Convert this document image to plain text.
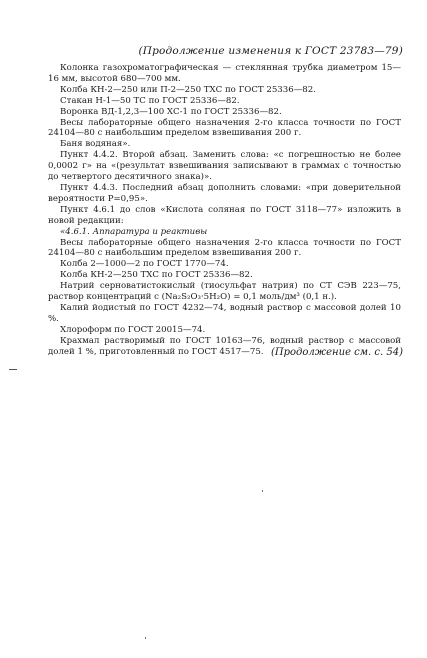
(Продолжение изменения к ГОСТ 23783—79)

Колонка газохроматографическая — стеклянная трубка диаметром 15—16 мм, высотой 680—700 мм.

Колба КН-2—250 или П-2—250 ТХС по ГОСТ 25336—82.

Стакан Н-1—50 ТС по ГОСТ 25336—82.

Воронка ВД-1,2,3—100 ХС-1 по ГОСТ 25336—82.

Весы лабораторные общего назначения 2-го класса точности по ГОСТ 24104—80 с наибольшим пределом взвешивания 200 г.

Баня водяная».

Пункт 4.4.2. Второй абзац. Заменить слова: «с погрешностью не более 0,0002 г» на «(результат взвешивания записывают в граммах с точностью до четвертого десятичного знака)».

Пункт 4.4.3. Последний абзац дополнить словами: «при доверительной вероятности P=0,95».

Пункт 4.6.1 до слов «Кислота соляная по ГОСТ 3118—77» изложить в новой редакции:

«4.6.1. Аппаратура и реактивы

Весы лабораторные общего назначения 2-го класса точности по ГОСТ 24104—80 с наибольшим пределом взвешивания 200 г.

Колба 2—1000—2 по ГОСТ 1770—74.

Колба КН-2—250 ТХС по ГОСТ 25336—82.

Натрий серноватистокислый (тиосульфат натрия) по СТ СЭВ 223—75, раствор концентраций c (Na₂S₂O₃·5H₂O) = 0,1 моль/дм³ (0,1 н.).

Калий йодистый по ГОСТ 4232—74, водный раствор с массовой долей 10 %.

Хлороформ по ГОСТ 20015—74.

Крахмал растворимый по ГОСТ 10163—76, водный раствор с массовой долей 1 %, приготовленный по ГОСТ 4517—75. (Продолжение см. с. 54)
